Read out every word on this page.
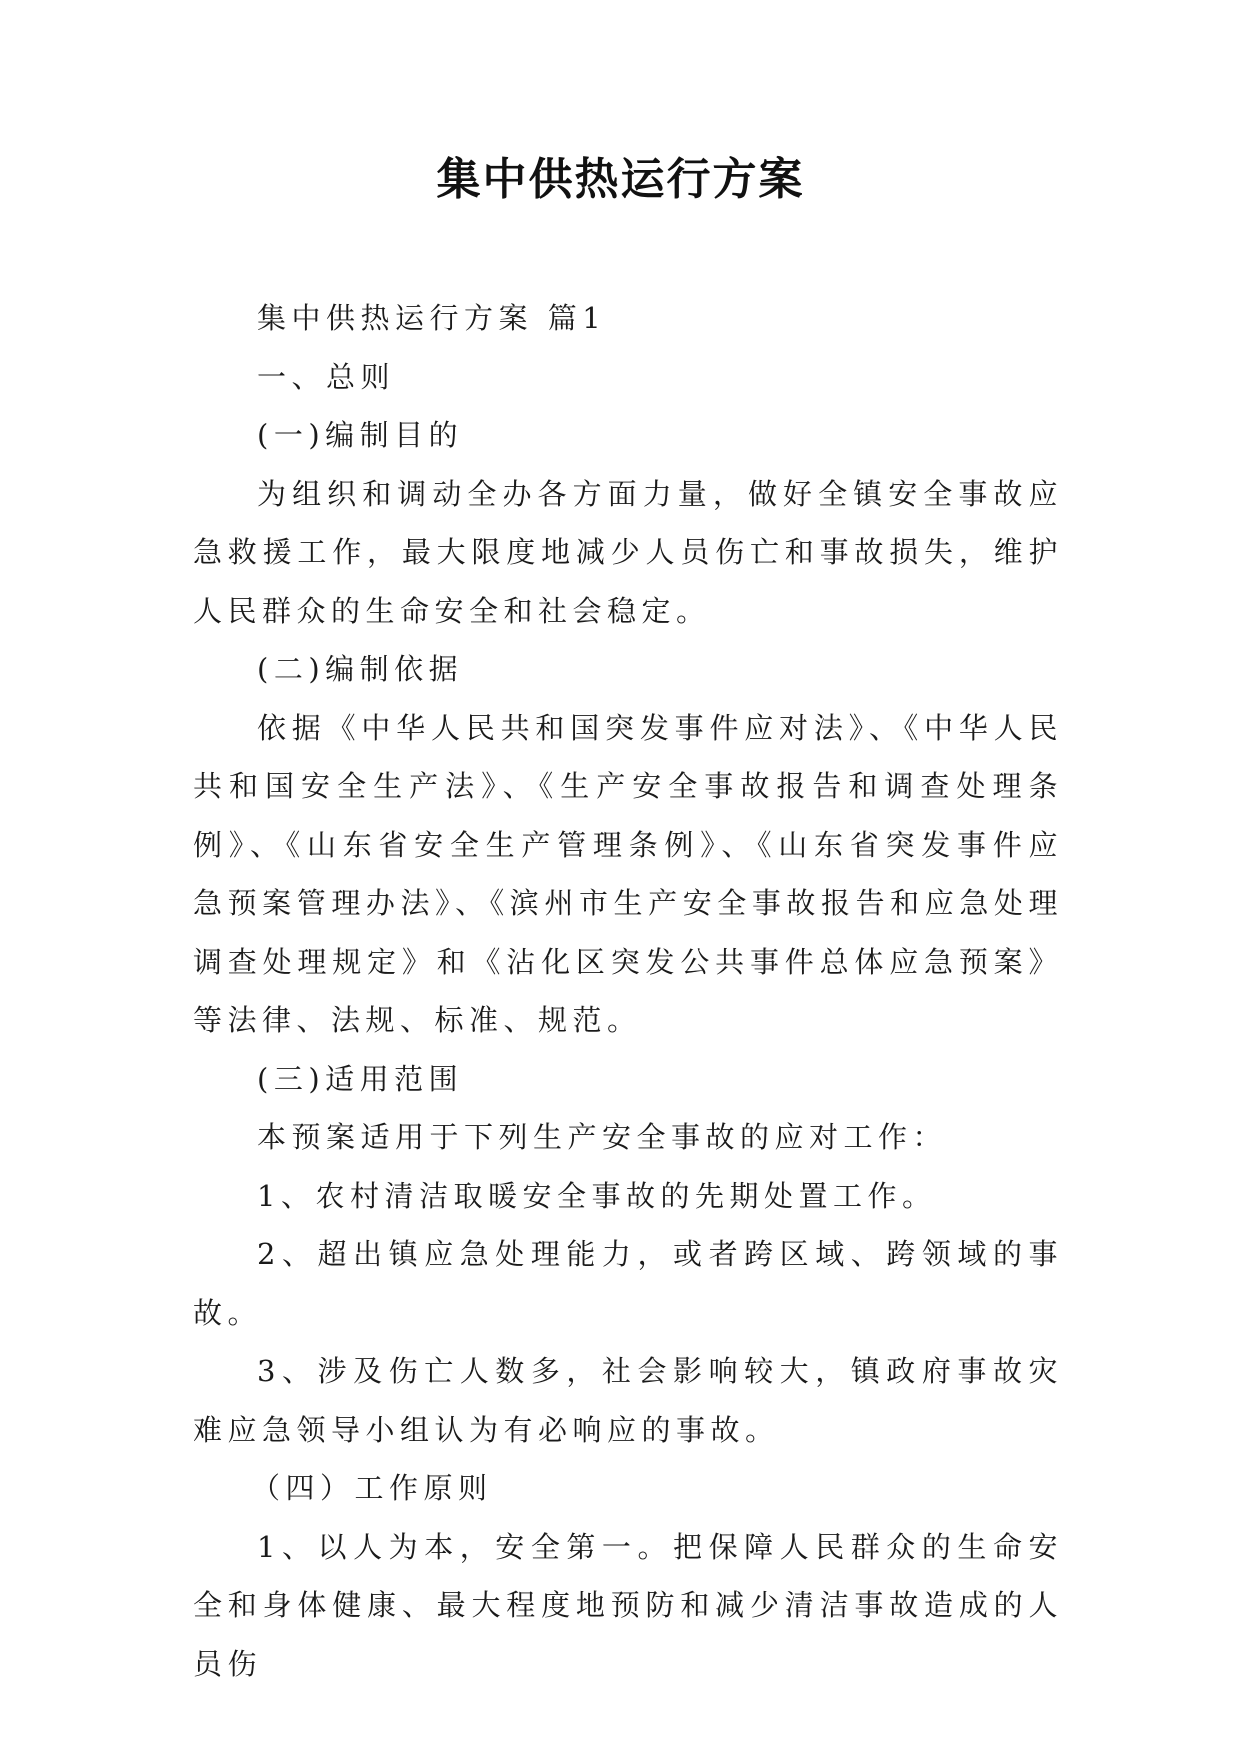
集中供热运行方案

集中供热运行方案 篇1

一、总则

(一)编制目的

为组织和调动全办各方面力量，做好全镇安全事故应急救援工作，最大限度地减少人员伤亡和事故损失，维护人民群众的生命安全和社会稳定。

(二)编制依据

依据《中华人民共和国突发事件应对法》、《中华人民共和国安全生产法》、《生产安全事故报告和调查处理条例》、《山东省安全生产管理条例》、《山东省突发事件应急预案管理办法》、《滨州市生产安全事故报告和应急处理调查处理规定》和《沾化区突发公共事件总体应急预案》等法律、法规、标准、规范。

(三)适用范围

本预案适用于下列生产安全事故的应对工作：

1、农村清洁取暖安全事故的先期处置工作。

2、超出镇应急处理能力，或者跨区域、跨领域的事故。

3、涉及伤亡人数多，社会影响较大，镇政府事故灾难应急领导小组认为有必响应的事故。

（四）工作原则

1、以人为本，安全第一。把保障人民群众的生命安全和身体健康、最大程度地预防和减少清洁事故造成的人员伤
